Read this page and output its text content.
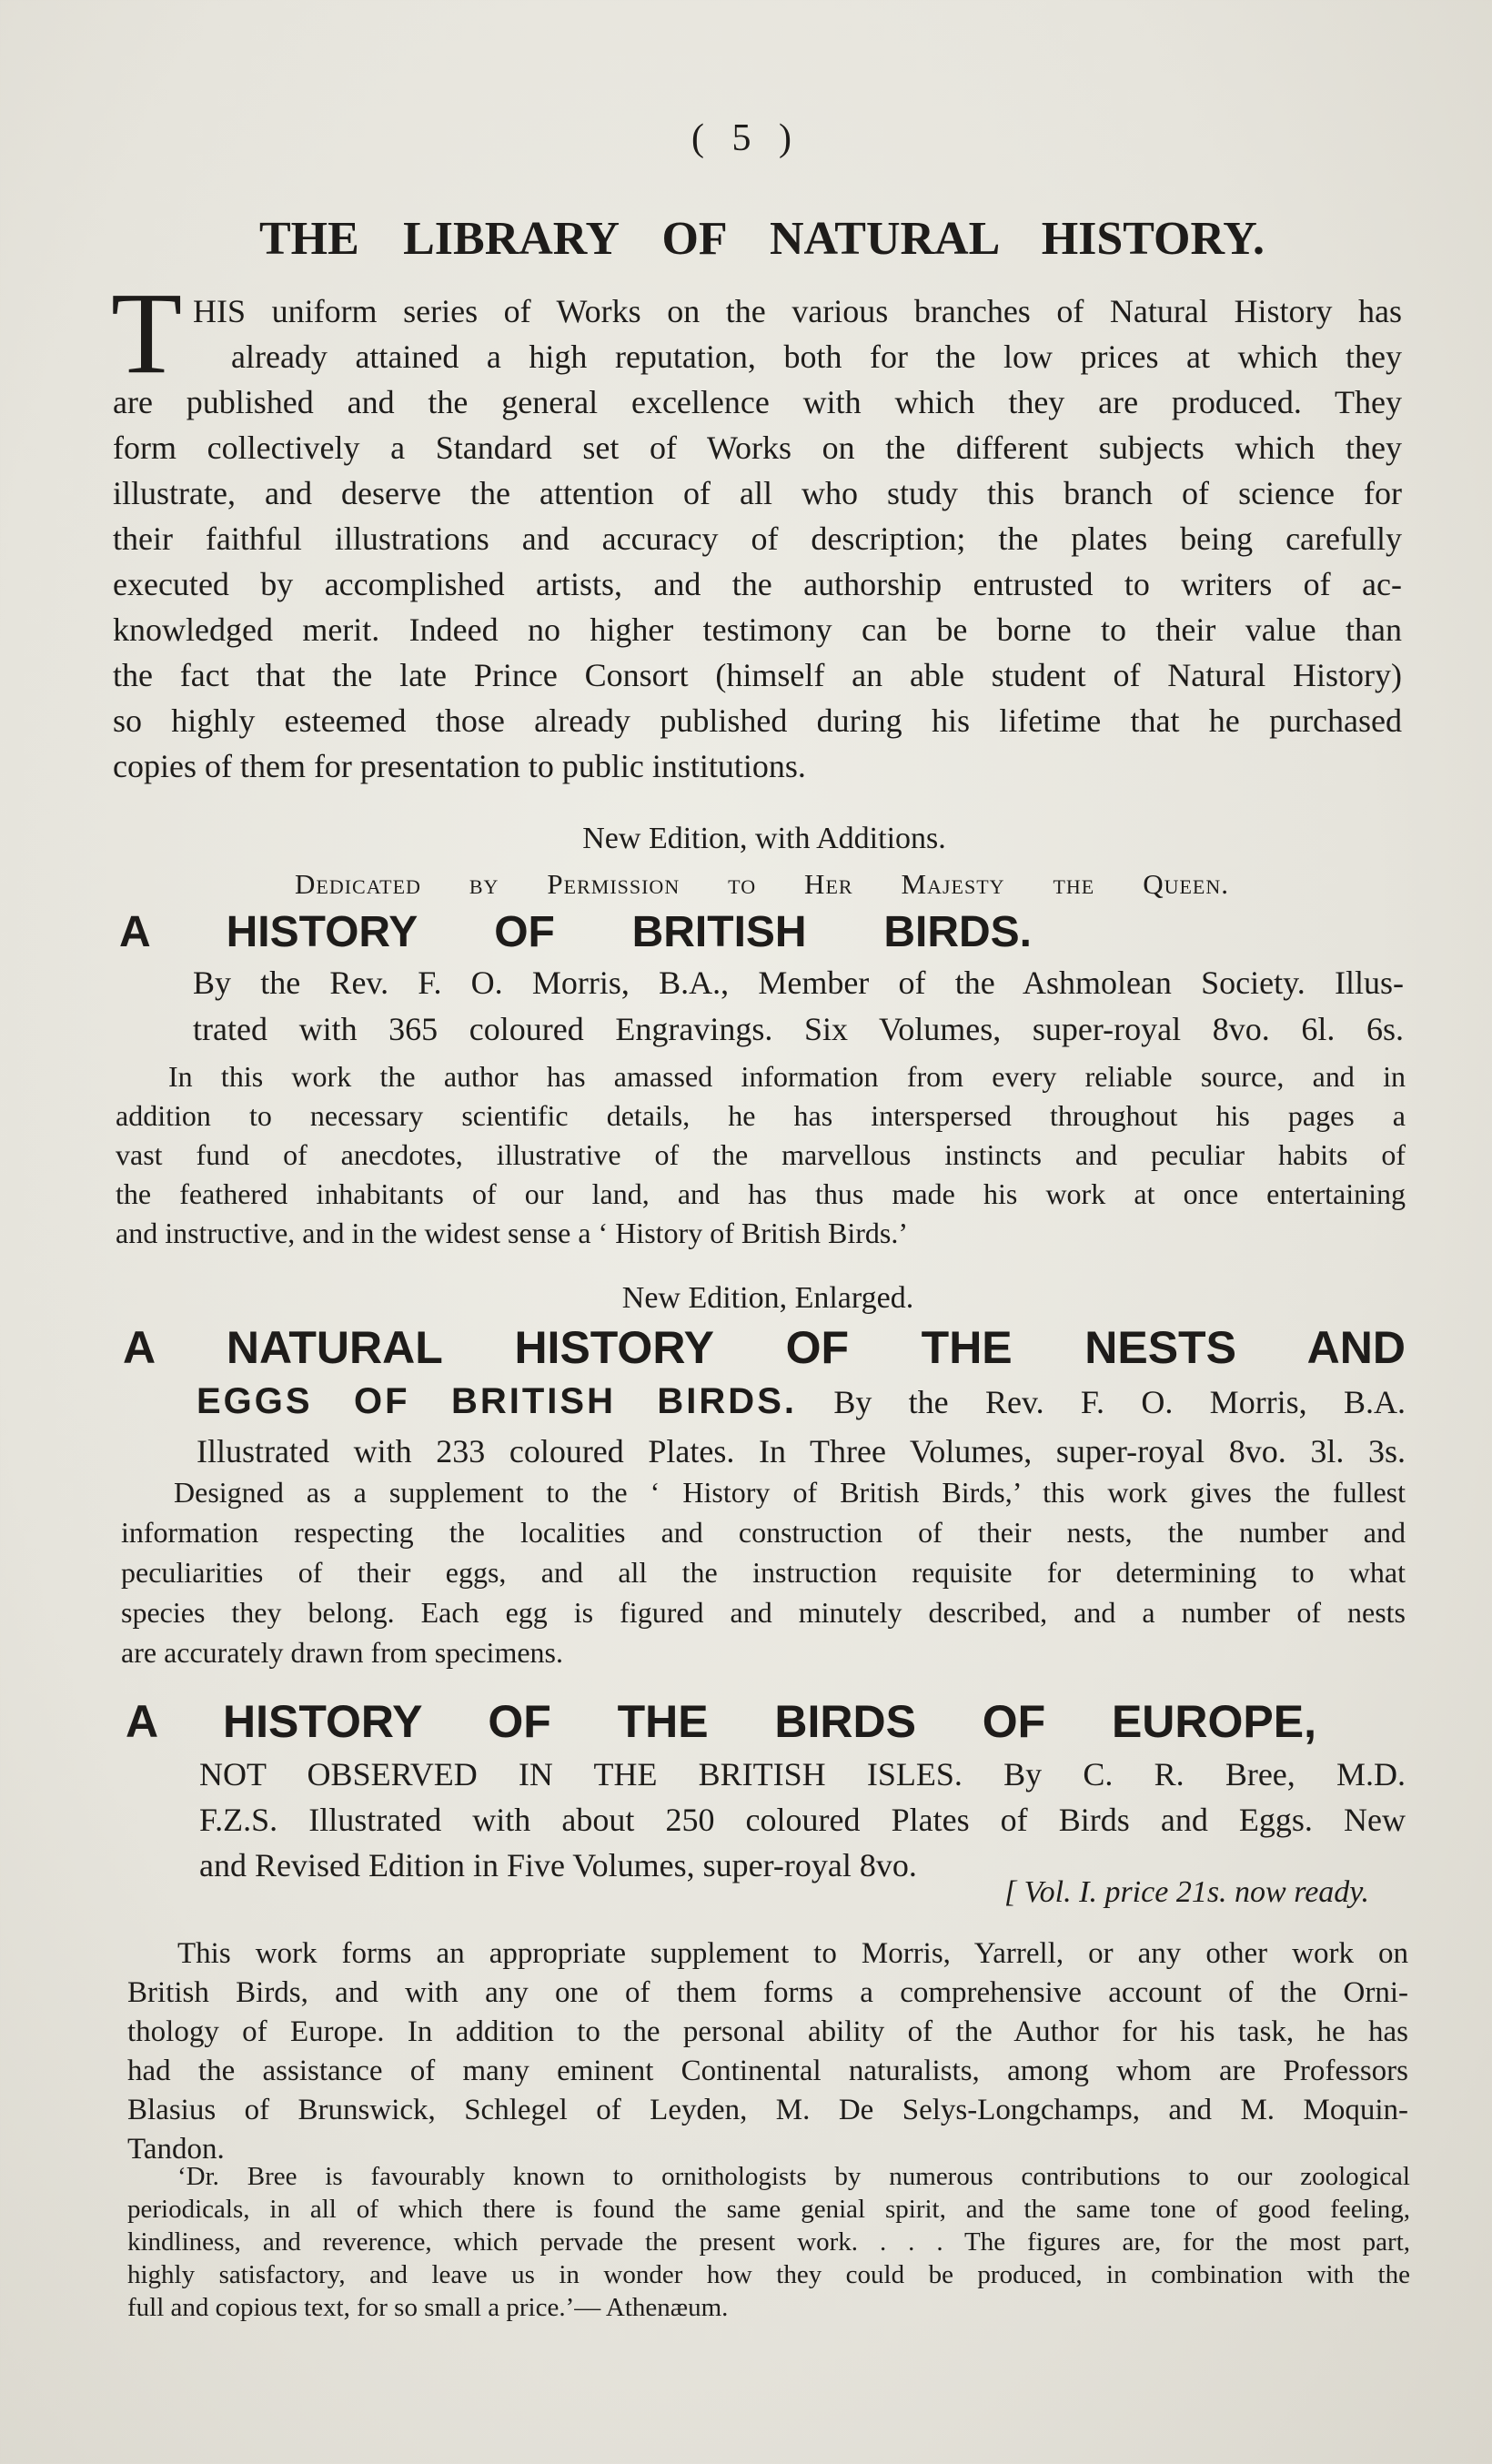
( 5 )
THE LIBRARY OF NATURAL HISTORY.
T HIS uniform series of Works on the various branches of Natural History has
already attained a high reputation, both for the low prices at which they
are published and the general excellence with which they are produced. They
form collectively a Standard set of Works on the different subjects which they
illustrate, and deserve the attention of all who study this branch of science for
their faithful illustrations and accuracy of description; the plates being carefully
executed by accomplished artists, and the authorship entrusted to writers of ac-
knowledged merit. Indeed no higher testimony can be borne to their value than
the fact that the late Prince Consort (himself an able student of Natural History)
so highly esteemed those already published during his lifetime that he purchased
copies of them for presentation to public institutions.
New Edition, with Additions.
Dedicated by Permission to Her Majesty the Queen.
A HISTORY OF BRITISH BIRDS.
By the Rev. F. O. Morris, B.A., Member of the Ashmolean Society. Illus-
trated with 365 coloured Engravings. Six Volumes, super-royal 8vo. 6l. 6s.
In this work the author has amassed information from every reliable source, and in
addition to necessary scientific details, he has interspersed throughout his pages a
vast fund of anecdotes, illustrative of the marvellous instincts and peculiar habits of
the feathered inhabitants of our land, and has thus made his work at once entertaining
and instructive, and in the widest sense a ‘ History of British Birds.’
New Edition, Enlarged.
A NATURAL HISTORY OF THE NESTS AND
EGGS OF BRITISH BIRDS. By the Rev. F. O. Morris, B.A.
Illustrated with 233 coloured Plates. In Three Volumes, super-royal 8vo. 3l. 3s.
Designed as a supplement to the ‘ History of British Birds,’ this work gives the fullest
information respecting the localities and construction of their nests, the number and
peculiarities of their eggs, and all the instruction requisite for determining to what
species they belong. Each egg is figured and minutely described, and a number of nests
are accurately drawn from specimens.
A HISTORY OF THE BIRDS OF EUROPE,
NOT OBSERVED IN THE BRITISH ISLES. By C. R. Bree, M.D.
F.Z.S. Illustrated with about 250 coloured Plates of Birds and Eggs. New
and Revised Edition in Five Volumes, super-royal 8vo.
[ Vol. I. price 21s. now ready.
This work forms an appropriate supplement to Morris, Yarrell, or any other work on
British Birds, and with any one of them forms a comprehensive account of the Orni-
thology of Europe. In addition to the personal ability of the Author for his task, he has
had the assistance of many eminent Continental naturalists, among whom are Professors
Blasius of Brunswick, Schlegel of Leyden, M. De Selys-Longchamps, and M. Moquin-
Tandon.
‘Dr. Bree is favourably known to ornithologists by numerous contributions to our zoological
periodicals, in all of which there is found the same genial spirit, and the same tone of good feeling,
kindliness, and reverence, which pervade the present work. . . . The figures are, for the most part,
highly satisfactory, and leave us in wonder how they could be produced, in combination with the
full and copious text, for so small a price.’— Athenæum.
